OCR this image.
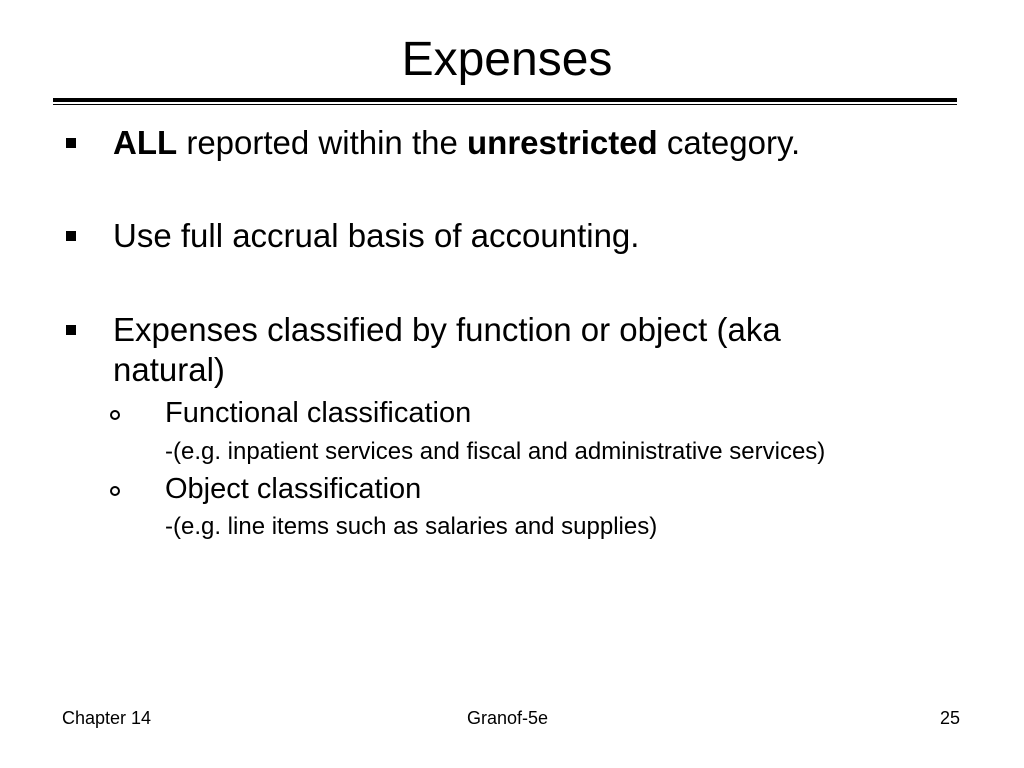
Expenses
ALL reported within the unrestricted category.
Use full accrual basis of accounting.
Expenses classified by function or object (aka
natural)
Functional classification
-(e.g. inpatient services and fiscal and administrative services)
Object classification
-(e.g. line items such as salaries and supplies)
Chapter 14	Granof-5e	25
